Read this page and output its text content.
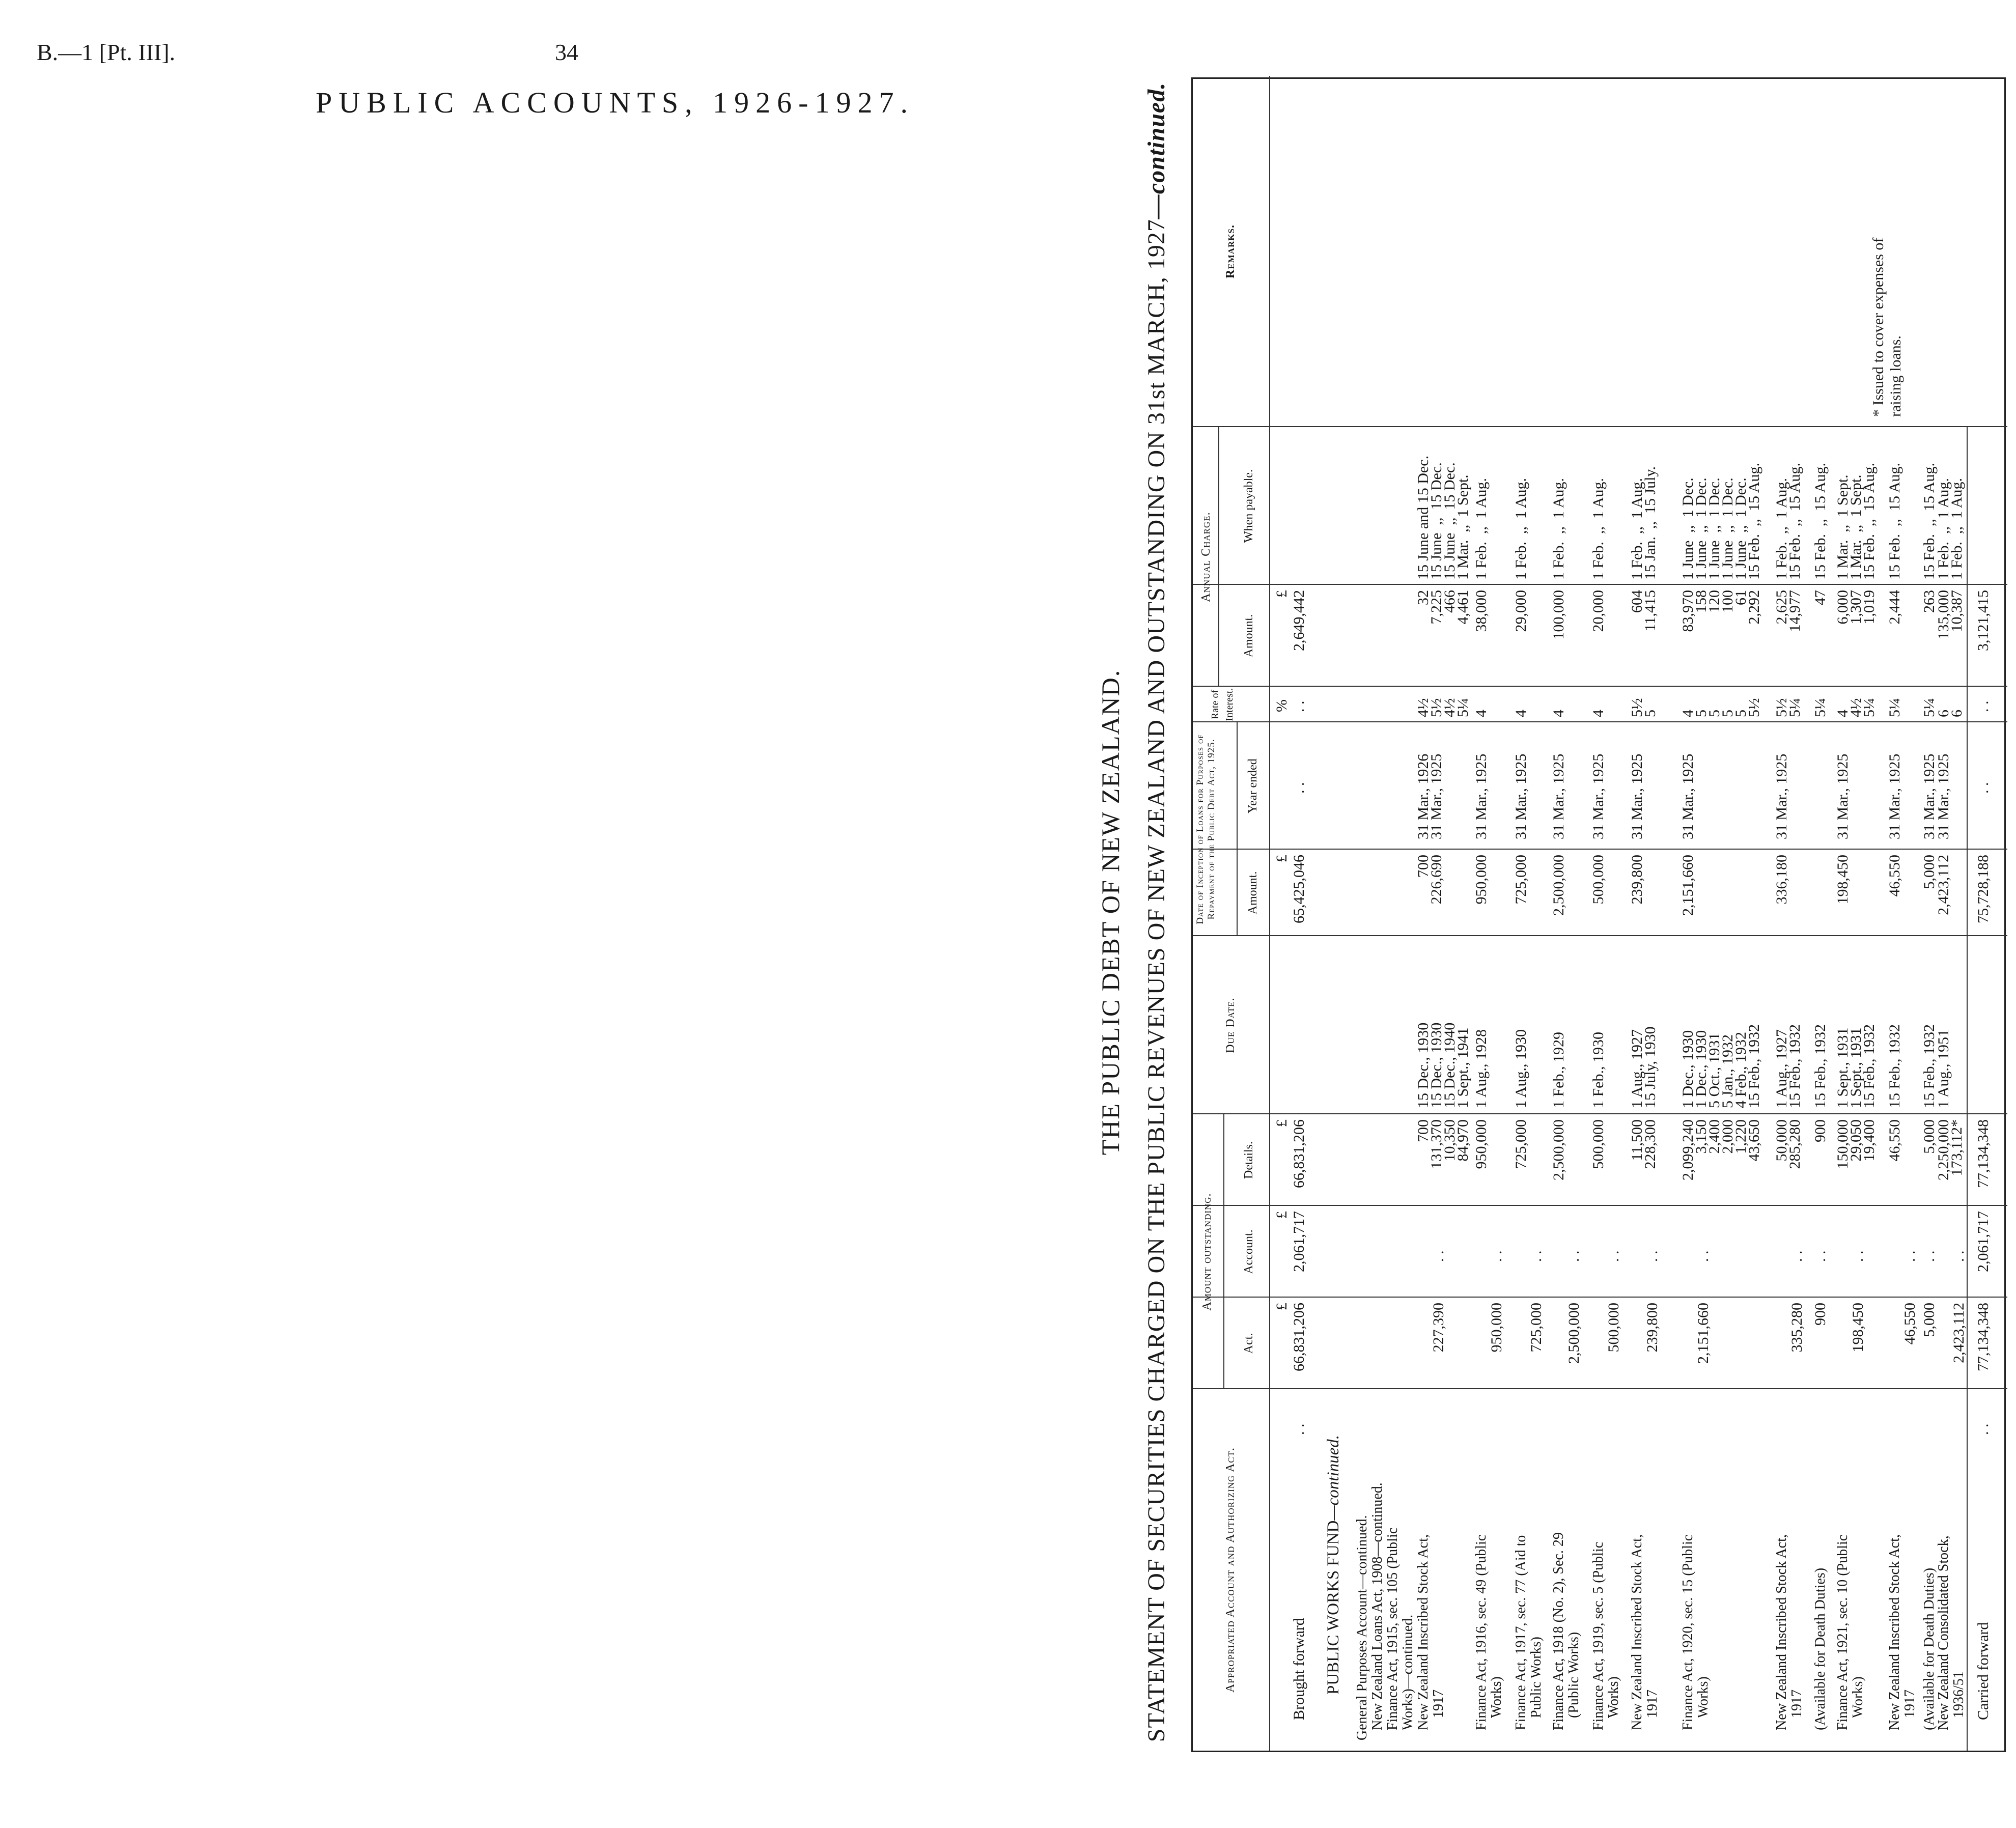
B.—1 [Pt. III].	34
PUBLIC ACCOUNTS, 1926-1927.
THE PUBLIC DEBT OF NEW ZEALAND. STATEMENT OF SECURITIES CHARGED ON THE PUBLIC REVENUES OF NEW ZEALAND AND OUTSTANDING ON 31st MARCH, 1927—continued.
Appropriated Account and Authorizing Act.
Amount outstanding.
Act.
Account.
Details.
Due Date.
Date of Inception of Loans for Purposes of Repayment of the Public Debt Act, 1925. Amount.
Year ended
Rate of Interest.
Annual Charge.
Amount.
When payable.
Remarks.
£
£
£
£
%
£
Brought forward
. .
66,831,206
2,061,717
66,831,206
65,425,046
. .
. .
2,649,442
PUBLIC WORKS FUND—continued.
General Purposes Account—continued. New Zealand Loans Act, 1908—continued. Finance Act, 1915, sec. 105 (Public Works)—continued. New Zealand Inscribed Stock Act, 1917
227,390
. .
700
131,370
10,350
84,970
15 Dec., 1930
15 Dec., 1930
15 Dec., 1940
1 Sept., 1941
700
226,690
31 Mar., 1926
31 Mar., 1925
4½
5½
4½
5¼
32
7,225
466
4,461
15 June and 15 Dec.
15 June  ,,  15 Dec.
15 June  ,,  15 Dec.
1 Mar.  ,,  1 Sept.
Finance Act, 1916, sec. 49 (Public Works)
950,000
. .
950,000
1 Aug., 1928
950,000
31 Mar., 1925
4
38,000
1 Feb.  ,,  1 Aug.
Finance Act, 1917, sec. 77 (Aid to Public Works)
725,000
. .
725,000
1 Aug., 1930
725,000
31 Mar., 1925
4
29,000
1 Feb.  ,,  1 Aug.
Finance Act, 1918 (No. 2), Sec. 29 (Public Works)
2,500,000
. .
2,500,000
1 Feb., 1929
2,500,000
31 Mar., 1925
4
100,000
1 Feb.  ,,  1 Aug.
Finance Act, 1919, sec. 5 (Public Works)
500,000
. .
500,000
1 Feb., 1930
500,000
31 Mar., 1925
4
20,000
1 Feb.  ,,  1 Aug.
New Zealand Inscribed Stock Act, 1917
239,800
. .
11,500
228,300
1 Aug., 1927
15 July, 1930
239,800
31 Mar., 1925
5½
5
604
11,415
1 Feb.  ,,  1 Aug.
15 Jan.  ,,  15 July.
Finance Act, 1920, sec. 15 (Public Works)
2,151,660
. .
2,099,240
3,150
2,400
2,000
1,220
43,650
1 Dec., 1930
1 Dec., 1930
5 Oct., 1931
5 Jan., 1932
4 Feb., 1932
15 Feb., 1932
2,151,660
31 Mar., 1925
4
5
5
5
5
5½
83,970
158
120
100
61
2,292
1 June  ,,  1 Dec.
1 June  ,,  1 Dec.
1 June  ,,  1 Dec.
1 June  ,,  1 Dec.
1 June  ,,  1 Dec.
15 Feb.  ,,  15 Aug.
New Zealand Inscribed Stock Act, 1917
335,280
. .
50,000
285,280
1 Aug., 1927
15 Feb., 1932
336,180
31 Mar., 1925
5½
5¼
2,625
14,977
1 Feb.  ,,  1 Aug.
15 Feb.  ,,  15 Aug.
(Available for Death Duties)
900
. .
900
15 Feb., 1932
5¼
47
15 Feb.  ,,  15 Aug.
Finance Act, 1921, sec. 10 (Public Works)
198,450
. .
150,000
29,050
19,400
1 Sept., 1931
1 Sept., 1931
15 Feb., 1932
198,450
31 Mar., 1925
4
4½
5¼
6,000
1,307
1,019
1 Mar.  ,,  1 Sept.
1 Mar.  ,,  1 Sept.
15 Feb.  ,,  15 Aug.
New Zealand Inscribed Stock Act, 1917
46,550
. .
46,550
15 Feb., 1932
46,550
31 Mar., 1925
5¼
2,444
15 Feb.  ,,  15 Aug.
(Available for Death Duties)
5,000
. .
5,000
15 Feb., 1932
5,000
31 Mar., 1925
5¼
263
15 Feb.  ,,  15 Aug.
New Zealand Consolidated Stock, 1936/51
2,423,112
. .
2,250,000
173,112*
1 Aug., 1951
2,423,112
31 Mar., 1925
6
6
135,000
10,387
1 Feb.  ,,  1 Aug.
1 Feb.  ,,  1 Aug.
* Issued to cover expenses of
raising loans.
Carried forward
. .
77,134,348
2,061,717
77,134,348
75,728,188
. .
. .
3,121,415
